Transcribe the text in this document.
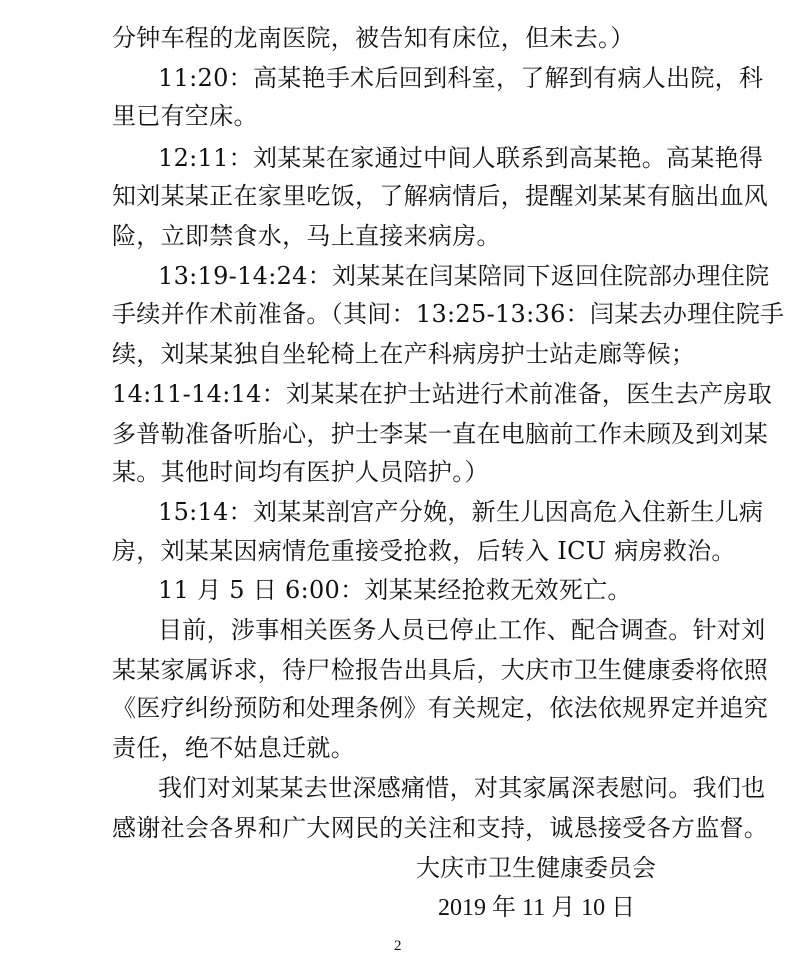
分钟车程的龙南医院，被告知有床位，但未去。）
11:20：高某艳手术后回到科室，了解到有病人出院，科
里已有空床。
12:11：刘某某在家通过中间人联系到高某艳。高某艳得
知刘某某正在家里吃饭，了解病情后，提醒刘某某有脑出血风
险，立即禁食水，马上直接来病房。
13:19-14:24：刘某某在闫某陪同下返回住院部办理住院
手续并作术前准备。（其间：13:25-13:36：闫某去办理住院手
续，刘某某独自坐轮椅上在产科病房护士站走廊等候；
14:11-14:14：刘某某在护士站进行术前准备，医生去产房取
多普勒准备听胎心，护士李某一直在电脑前工作未顾及到刘某
某。其他时间均有医护人员陪护。）
15:14：刘某某剖宫产分娩，新生儿因高危入住新生儿病
房，刘某某因病情危重接受抢救，后转入 ICU 病房救治。
11 月 5 日 6:00：刘某某经抢救无效死亡。
目前，涉事相关医务人员已停止工作、配合调查。针对刘
某某家属诉求，待尸检报告出具后，大庆市卫生健康委将依照
《医疗纠纷预防和处理条例》有关规定，依法依规界定并追究
责任，绝不姑息迁就。
我们对刘某某去世深感痛惜，对其家属深表慰问。我们也
感谢社会各界和广大网民的关注和支持，诚恳接受各方监督。
大庆市卫生健康委员会
2019 年 11 月 10 日
2
